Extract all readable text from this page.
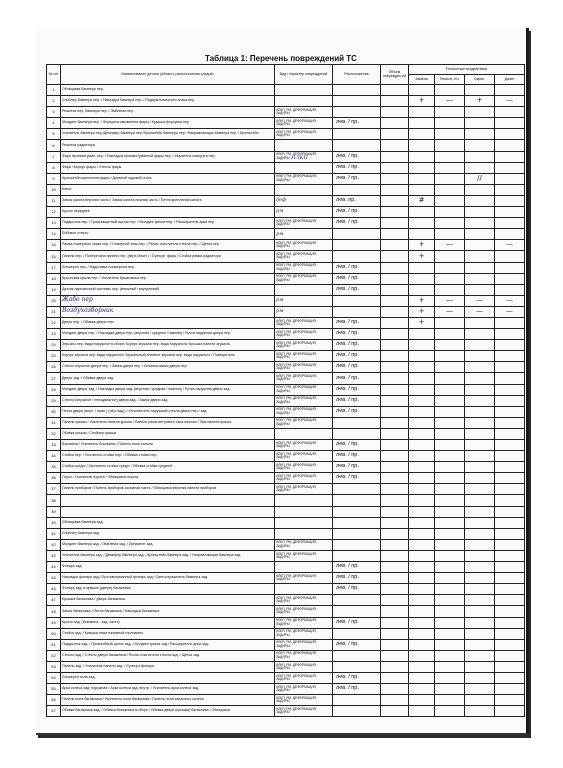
Таблица 1: Перечень повреждений ТС
№ п/п	Наименование детали (область расположения следов)	Вид / характер повреждений	Расположение	Объем поврежден ий	Ремонтные воздействия			
					Замена	Ремонт, н/ч	Окрас.	Диагн
1	Облицовка бампера пер.							
2	Спойлер бампера пер. / Накладка бампера пер. / Подиум номерного знака пер.				+	—	+	—
3	Решетка пер. бампера пер. / Эмблема пер.	НЛКП, РМ, ДЕФОРМАЦИЯ, ЗАДИРЫ						
4	Молдинг бампера пер. / Форсунка омывателя фары / Крышка форсунки пер.	НЛКП, РМ, ДЕФОРМАЦИЯ, ЗАДИРЫ	лев. / пр.					
5	Усилитель бампера пер./Демпфер бампера пер./Кронштейн бампера пер. /Направляющая бампера пер. / Кронштейн	НЛКП, РМ, ДЕФОРМАЦИЯ, ЗАДИРЫ						
6	Решетка радиатора							
7	Фара противотуман. пер. / Накладка противотуманной фары пер. / Указатель поворота пер.	НЛКП, РМ, ДЕФОРМАЦИЯ, ЗАДИРЫ НЛКП	лев. / пр.					
8	Фара / Корпус фары / Стекло фары		лев. / пр.					
9	Кронштейн крепления фары / Дневной ходовой огонь	НЛКП, РМ, ДЕФОРМАЦИЯ, ЗАДИРЫ	лев. / пр.				//	
10	Капот							
11	Замок капота верхняя часть / Замок капота нижняя часть / Петля крепления капота	деф	лев. пр.		#			
12	Крыло переднее	рм	лев. / пр.					
13	Подкрылок пер. / Грязезащитный щиток пер. / Молдинг крыла пер. / Расширитель арки пер.	НЛКП, РМ, ДЕФОРМАЦИЯ, ЗАДИРЫ	лев. / пр.					
14	Лобовое стекло	рм						
15	Рамка номерного знака пер. / Номерной знак пер. / Рычаг очистителя стекла пер. / Щетка пер.	НЛКП, РМ, ДЕФОРМАЦИЯ, ЗАДИРЫ			+	—		—
16	Панель пер. / Поперечина панели пер. (верх./нижн.) / Суппорт фары / Стойка рамки радиатора	НЛКП, РМ, ДЕФОРМАЦИЯ, ЗАДИРЫ			+			
17	Лонжерон пер. / Надставка лонжерона пер.	НЛКП, РМ, ДЕФОРМАЦИЯ, ЗАДИРЫ	лев. / пр.					
18	Брызговик крыла пер. / Усилитель брызговика пер.	НЛКП, РМ, ДЕФОРМАЦИЯ, ЗАДИРЫ	лев. / пр.					
19	Датчик парковочной системы пер. (внешний / внутренний)		лев. / пр.					
20	Жабо пер	рм			+	—	—	—
21	Воздухозборник	рм			+	—	—	—
22	Дверь пер. / Обивка двери пер.	НЛКП, РМ, ДЕФОРМАЦИЯ, ЗАДИРЫ	лев. / пр.		+			
23	Молдинг двери пер. / Накладка двери пер. (верхняя / средняя / нижняя) / Ручка наружная двери пер.	НЛКП, РМ, ДЕФОРМАЦИЯ, ЗАДИРЫ	лев. / пр.					
24	Зеркало пер. вида наружное в сборе/ Корпус зеркала пер. вида наружного/ Крышка панели зеркала	НЛКП, РМ, ДЕФОРМАЦИЯ, ЗАДИРЫ	лев. / пр.					
25	Корпус зеркала пер. вида наружного/ Зеркальный элемент зеркала пер. вида наружного / Повторитель	НЛКП, РМ, ДЕФОРМАЦИЯ, ЗАДИРЫ	лев. / пр.					
26	Стекло опускное двери пер. / Замок двери пер. / Личинка замка двери пер.	НЛКП, РМ, ДЕФОРМАЦИЯ, ЗАДИРЫ	лев. / пр.					
27	Дверь зад. / Обивка двери зад.	НЛКП, РМ, ДЕФОРМАЦИЯ, ЗАДИРЫ	лев. / пр.					
28	Молдинг двери зад. / Накладка двери зад. (верхняя / средняя / нижняя) / Ручка наружная двери зад.	НЛКП, РМ, ДЕФОРМАЦИЯ, ЗАДИРЫ	лев. / пр.					
29	Стекло (опускное / неподвижное) двери зад. / Замок двери зад.	НЛКП, РМ, ДЕФОРМАЦИЯ, ЗАДИРЫ	лев. / пр.					
30	Петля двери (верх. / нижн.) (пер./зад.) / Уплотнитель наружный стекла двери пер./ зад.	НЛКП, РМ, ДЕФОРМАЦИЯ, ЗАДИРЫ	лев. / пр.					
31	Панель крыши / Усилитель панели крыши / Панель рамы ветрового окна нижняя / Люк панели крыши	НЛКП, РМ, ДЕФОРМАЦИЯ, ЗАДИРЫ						
32	Обивка крыши / Спойлер крыши							
33	Боковина / Усилитель боковины / Панель пола салона	НЛКП, РМ, ДЕФОРМАЦИЯ, ЗАДИРЫ	лев. / пр.					
34	Стойка пер. / Усилитель стойки пер. / Обивка стойки пер.	НЛКП, РМ, ДЕФОРМАЦИЯ, ЗАДИРЫ	лев. / пр.					
35	Стойка средн. / Усилитель стойки средн. / Обивка стойки средней	НЛКП, РМ, ДЕФОРМАЦИЯ, ЗАДИРЫ	лев. / пр.					
36	Порог / Усилитель порога / Облицовка порога	НЛКП, РМ, ДЕФОРМАЦИЯ, ЗАДИРЫ	лев. / пр.					
37	Панель приборов / Панель приборов основная часть / Облицовка верхняя панели приборов	НЛКП, РМ, ДЕФОРМАЦИЯ, ЗАДИРЫ						
38								
39								
40	Облицовка бампера зад.							
41	Спойлер бампера зад.							
42	Молдинг бампера зад. / Эмблема зад. / Орнамент зад.	НЛКП, РМ, ДЕФОРМАЦИЯ, ЗАДИРЫ						
43	Усилитель бампера зад. / Демпфер бампера зад. / Кронштейн бампера зад. / Направляющая бампера зад.	НЛКП, РМ, ДЕФОРМАЦИЯ, ЗАДИРЫ						
44	Фонарь зад.		лев. / пр.					
45	Накладка фонаря зад./ Противотуманный фонарь зад./ Светоотражатель бампера зад.	НЛКП, РМ, ДЕФОРМАЦИЯ, ЗАДИРЫ	лев. / пр.					
46	Фонарь зад. в крышке (двери) багажника		лев. / пр.					
47	Крышка багажника / Дверь багажника	НЛКП, РМ, ДЕФОРМАЦИЯ, ЗАДИРЫ						
48	Замок багажника / Петля багажника / Накладка багажника	НЛКП, РМ, ДЕФОРМАЦИЯ, ЗАДИРЫ						
49	Крыло зад. (боковина - зад. часть)	НЛКП, РМ, ДЕФОРМАЦИЯ, ЗАДИРЫ	лев. / пр.					
50	Стойка зад. / Крышка люка наливной горловины	НЛКП, РМ, ДЕФОРМАЦИЯ, ЗАДИРЫ						
51	Подкрылок зад. / Грязезобный щиток зад. / Молдинг крыла зад./ Расширитель арки зад.	НЛКП, РМ, ДЕФОРМАЦИЯ, ЗАДИРЫ	лев. / пр.					
52	Стекло зад. / Стекло двери багажника / Рычаг очистителя стекла зад. / Щетка зад.	НЛКП, РМ, ДЕФОРМАЦИЯ, ЗАДИРЫ						
53	Панель зад. / Усилитель панели зад. / Суппорт фонаря	НЛКП, РМ, ДЕФОРМАЦИЯ, ЗАДИРЫ						
54	Лонжерон пола зад.	НЛКП, РМ, ДЕФОРМАЦИЯ, ЗАДИРЫ	лев. / пр.					
55	Арка колеса зад. наружная / Арка колеса зад. внутр. / Усилитель арки колеса зад.	НЛКП, РМ, ДЕФОРМАЦИЯ, ЗАДИРЫ	лев. / пр.					
56	Панель пола багажника / Усилитель пола багажника / Панель пола запасного колеса	НЛКП, РМ, ДЕФОРМАЦИЯ, ЗАДИРЫ						
57	Обивка багажника зад. / Обивка багажника в сборе / Обивка двери (крышки) багажника / Облицовка	НЛКП, РМ, ДЕФОРМАЦИЯ, ЗАДИРЫ						
